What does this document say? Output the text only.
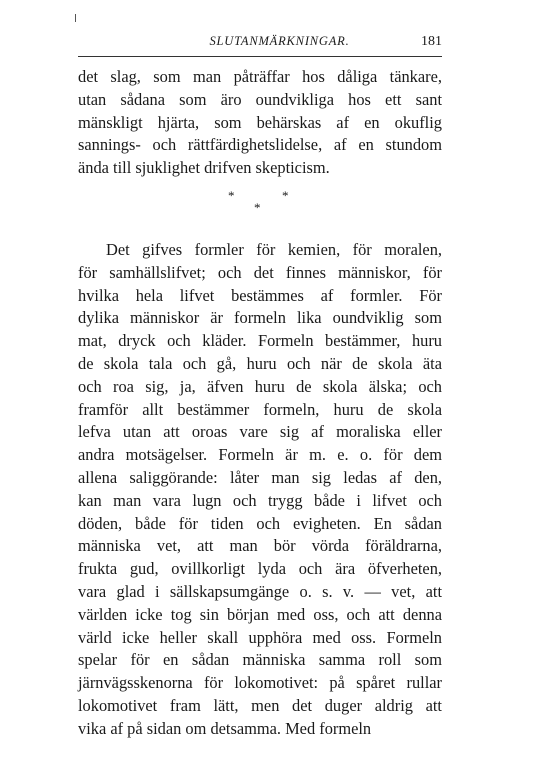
SLUTANMÄRKNINGAR.	181
det slag, som man påträffar hos dåliga tänkare,
utan sådana som äro oundvikliga hos ett sant
mänskligt hjärta, som behärskas af en okuflig
sannings- och rättfärdighetslidelse, af en stundom
ända till sjuklighet drifven skepticism.
*	*
*
Det gifves formler för kemien, för moralen,
för samhällslifvet; och det finnes människor, för
hvilka hela lifvet bestämmes af formler. För
dylika människor är formeln lika oundviklig som
mat, dryck och kläder. Formeln bestämmer, huru
de skola tala och gå, huru och när de skola äta
och roa sig, ja, äfven huru de skola älska; och
framför allt bestämmer formeln, huru de skola
lefva utan att oroas vare sig af moraliska eller
andra motsägelser. Formeln är m. e. o. för dem
allena saliggörande: låter man sig ledas af den,
kan man vara lugn och trygg både i lifvet och
döden, både för tiden och evigheten. En sådan
människa vet, att man bör vörda föräldrarna,
frukta gud, ovillkorligt lyda och ära öfverheten,
vara glad i sällskapsumgänge o. s. v. — vet, att
världen icke tog sin början med oss, och att denna
värld icke heller skall upphöra med oss. Formeln
spelar för en sådan människa samma roll som
järnvägsskenorna för lokomotivet: på spåret rullar
lokomotivet fram lätt, men det duger aldrig att
vika af på sidan om detsamma. Med formeln
